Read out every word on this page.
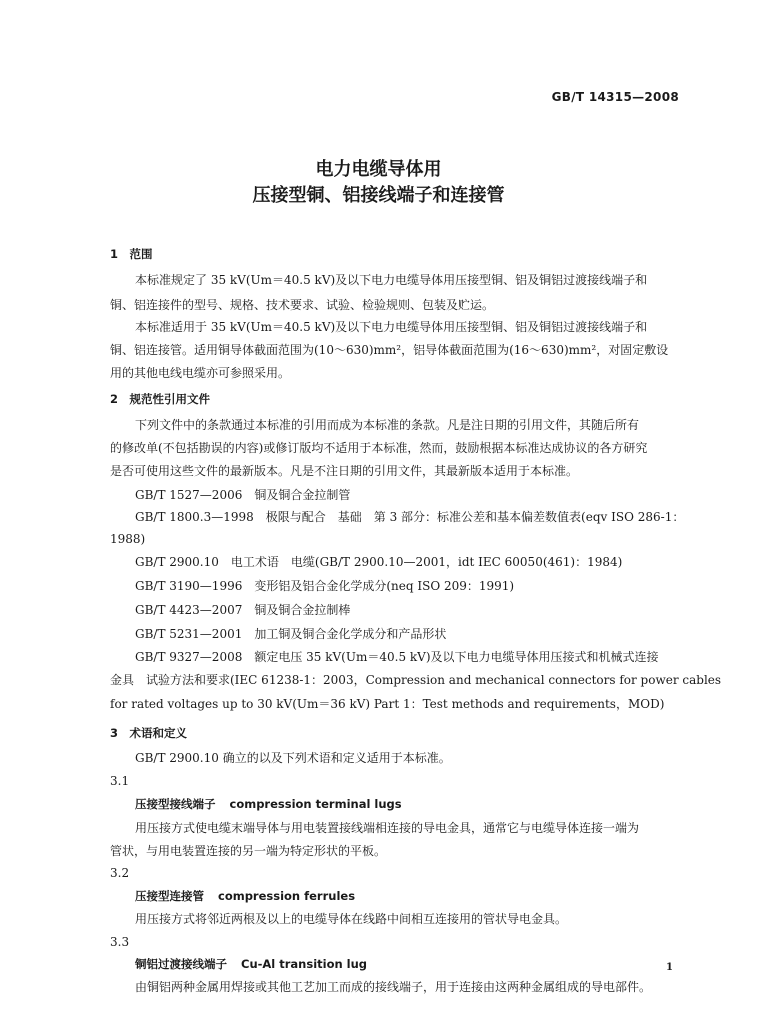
GB/T 14315—2008
电力电缆导体用
压接型铜、铝接线端子和连接管
1　范围
本标准规定了 35 kV(Um＝40.5 kV)及以下电力电缆导体用压接型铜、铝及铜铝过渡接线端子和
铜、铝连接件的型号、规格、技术要求、试验、检验规则、包装及贮运。
本标准适用于 35 kV(Um＝40.5 kV)及以下电力电缆导体用压接型铜、铝及铜铝过渡接线端子和
铜、铝连接管。适用铜导体截面范围为(10～630)mm²，铝导体截面范围为(16～630)mm²，对固定敷设
用的其他电线电缆亦可参照采用。
2　规范性引用文件
下列文件中的条款通过本标准的引用而成为本标准的条款。凡是注日期的引用文件，其随后所有
的修改单(不包括勘误的内容)或修订版均不适用于本标准，然而，鼓励根据本标准达成协议的各方研究
是否可使用这些文件的最新版本。凡是不注日期的引用文件，其最新版本适用于本标准。
GB/T 1527—2006　铜及铜合金拉制管
GB/T 1800.3—1998　极限与配合　基础　第 3 部分：标准公差和基本偏差数值表(eqv ISO 286-1：
1988)
GB/T 2900.10　电工术语　电缆(GB/T 2900.10—2001，idt IEC 60050(461)：1984)
GB/T 3190—1996　变形铝及铝合金化学成分(neq ISO 209：1991)
GB/T 4423—2007　铜及铜合金拉制棒
GB/T 5231—2001　加工铜及铜合金化学成分和产品形状
GB/T 9327—2008　额定电压 35 kV(Um＝40.5 kV)及以下电力电缆导体用压接式和机械式连接
金具　试验方法和要求(IEC 61238-1：2003，Compression and mechanical connectors for power cables
for rated voltages up to 30 kV(Um＝36 kV) Part 1：Test methods and requirements，MOD)
3　术语和定义
GB/T 2900.10 确立的以及下列术语和定义适用于本标准。
3.1
压接型接线端子 compression terminal lugs
用压接方式使电缆末端导体与用电装置接线端相连接的导电金具，通常它与电缆导体连接一端为
管状，与用电装置连接的另一端为特定形状的平板。
3.2
压接型连接管 compression ferrules
用压接方式将邻近两根及以上的电缆导体在线路中间相互连接用的管状导电金具。
3.3
铜铝过渡接线端子 Cu-Al transition lug
由铜铝两种金属用焊接或其他工艺加工而成的接线端子，用于连接由这两种金属组成的导电部件。
1
